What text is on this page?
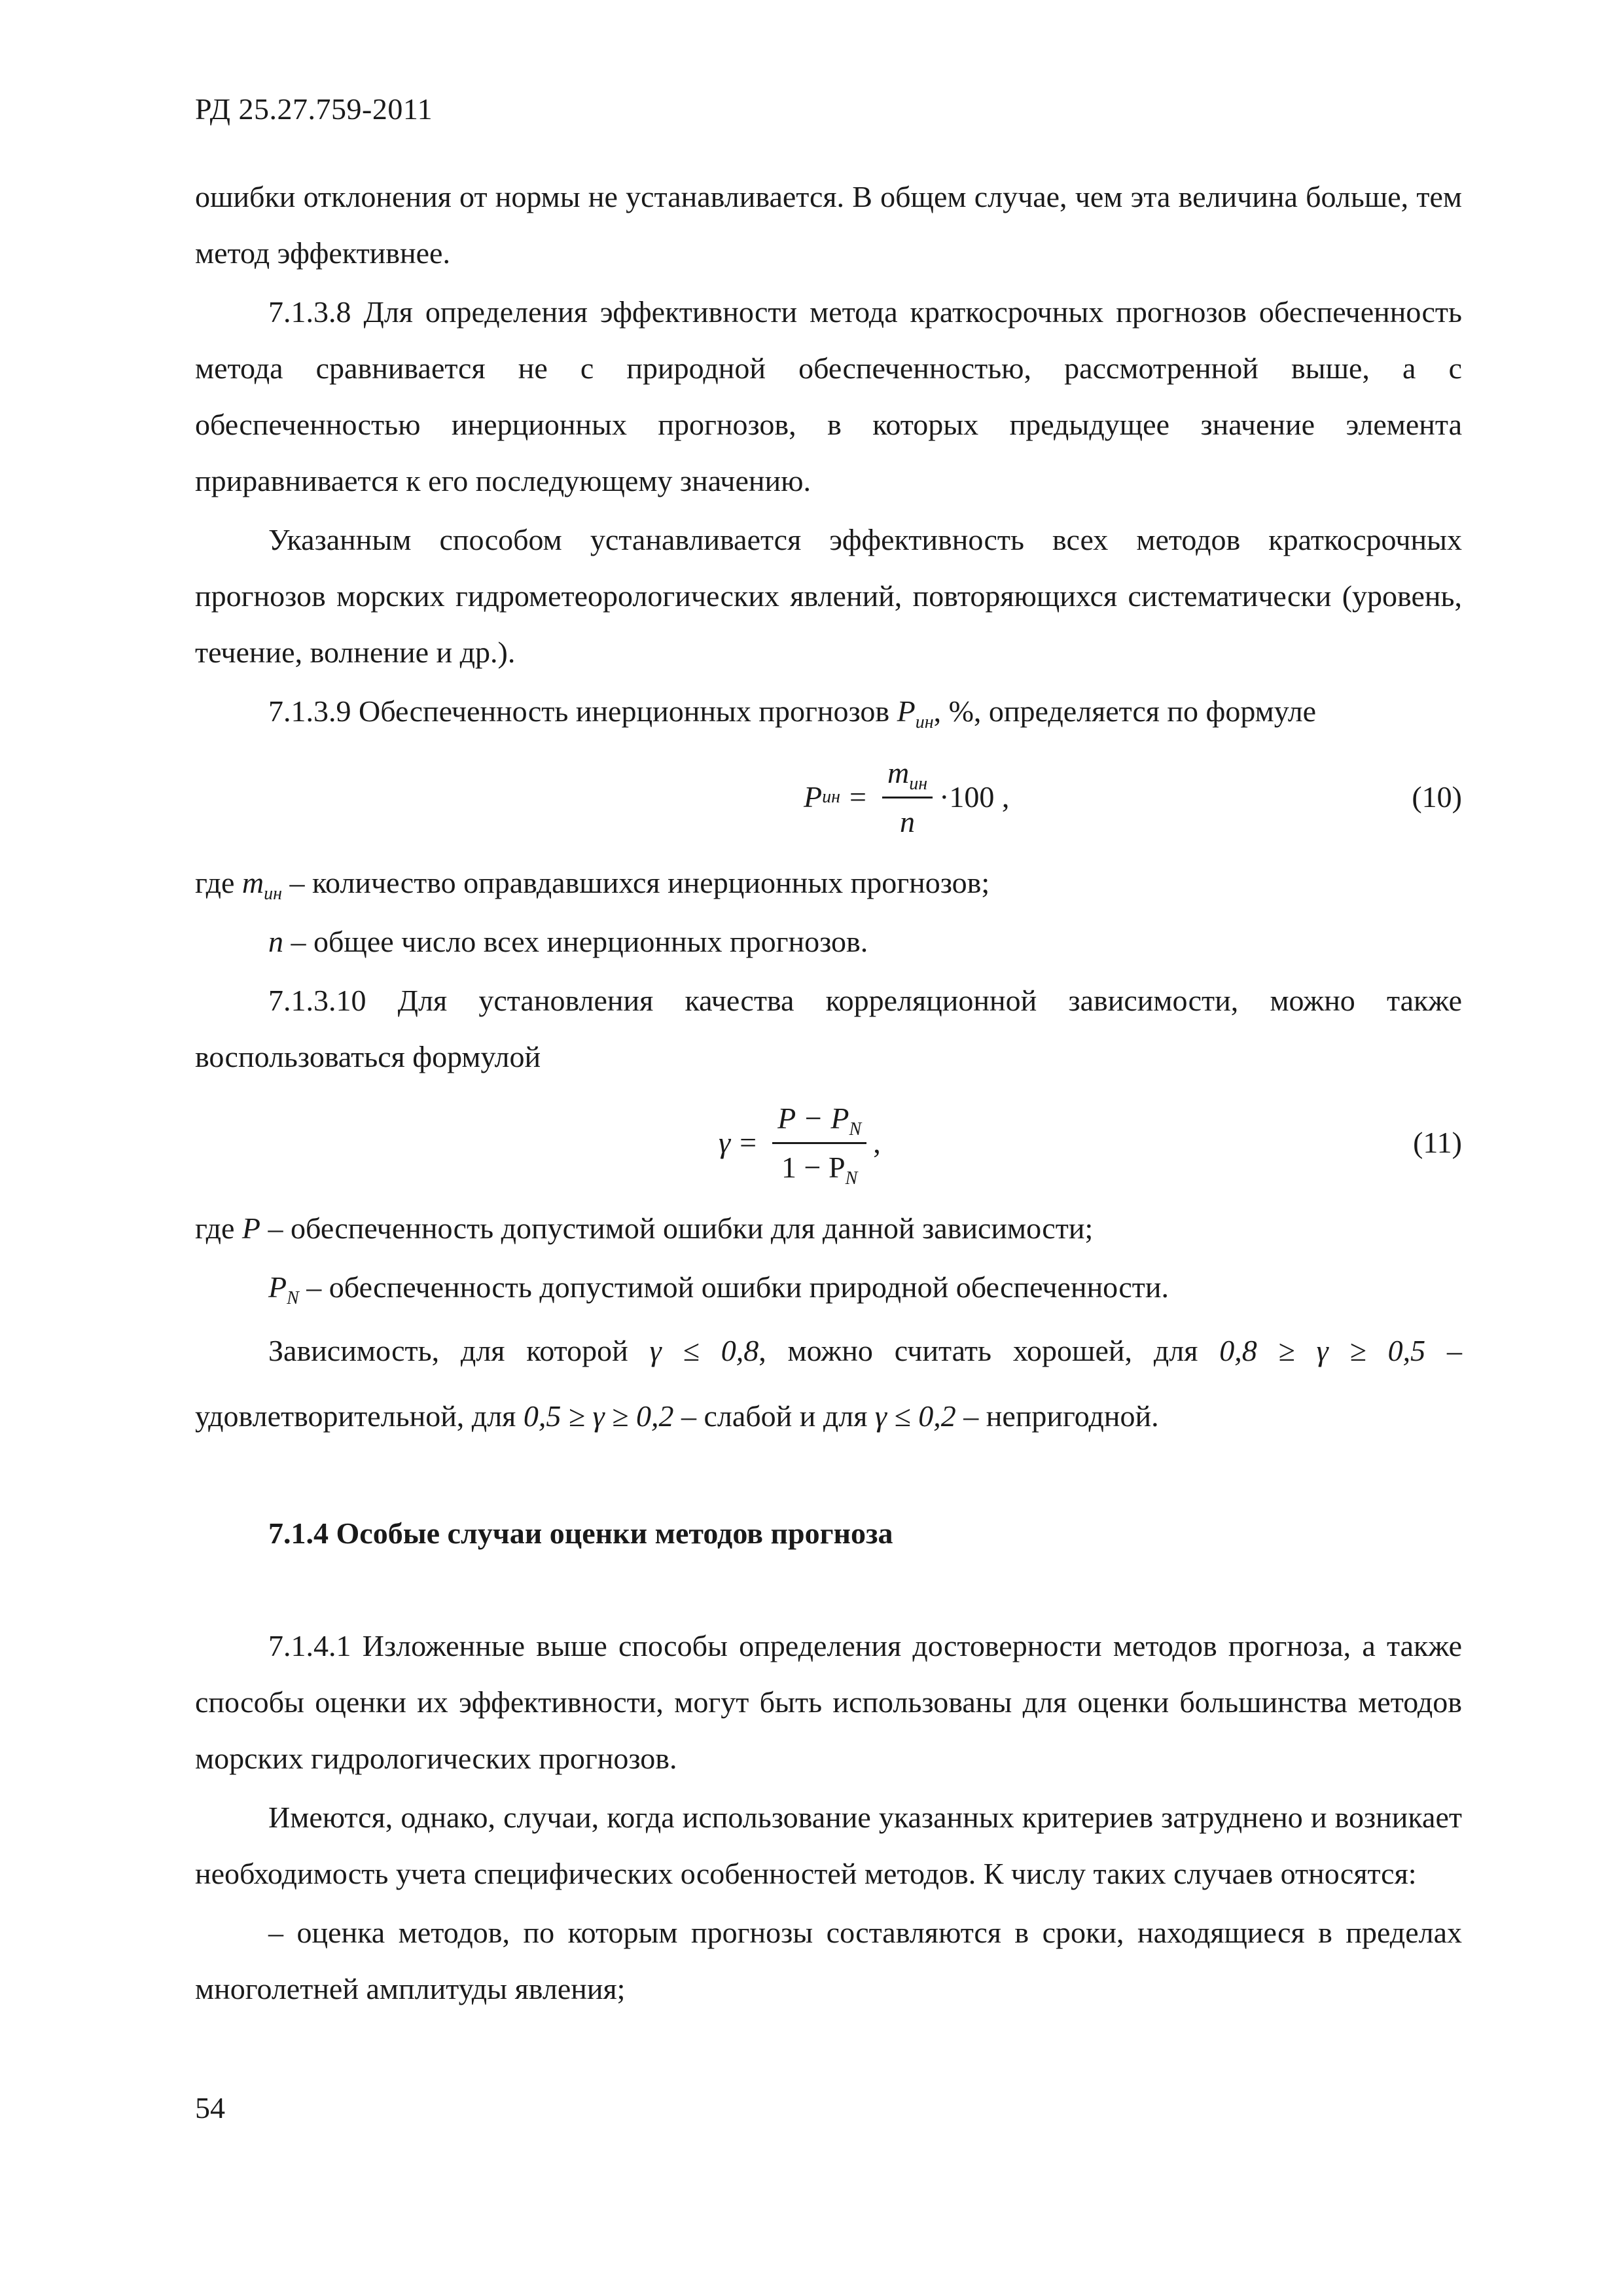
РД 25.27.759-2011

ошибки отклонения от нормы не устанавливается. В общем случае, чем эта величина больше, тем метод эффективнее.

7.1.3.8 Для определения эффективности метода краткосрочных прогнозов обеспеченность метода сравнивается не с природной обеспеченностью, рассмотренной выше, а с обеспеченностью инерционных прогнозов, в которых предыдущее значение элемента приравнивается к его последующему значению.

Указанным способом устанавливается эффективность всех методов краткосрочных прогнозов морских гидрометеорологических явлений, повторяющихся систематически (уровень, течение, волнение и др.).

7.1.3.9 Обеспеченность инерционных прогнозов $P_{ин}$, %, определяется по формуле

P ин = $\frac{m_{ин}}{n} \cdot 100$ ,	(10)

где $m_{ин}$ – количество оправдавшихся инерционных прогнозов;

n – общее число всех инерционных прогнозов.

7.1.3.10 Для установления качества корреляционной зависимости, можно также воспользоваться формулой

$\gamma = \frac{P - P_N}{1 - P_N}$ ,	(11)

где P – обеспеченность допустимой ошибки для данной зависимости;

$P_N$ – обеспеченность допустимой ошибки природной обеспеченности.

Зависимость, для которой γ ≤ 0,8, можно считать хорошей, для 0,8 ≥ γ ≥ 0,5 – удовлетворительной, для 0,5 ≥ γ ≥ 0,2 – слабой и для γ ≤ 0,2 – непригодной.

7.1.4 Особые случаи оценки методов прогноза

7.1.4.1 Изложенные выше способы определения достоверности методов прогноза, а также способы оценки их эффективности, могут быть использованы для оценки большинства методов морских гидрологических прогнозов.

Имеются, однако, случаи, когда использование указанных критериев затруднено и возникает необходимость учета специфических особенностей методов. К числу таких случаев относятся:

– оценка методов, по которым прогнозы составляются в сроки, находящиеся в пределах многолетней амплитуды явления;

54
